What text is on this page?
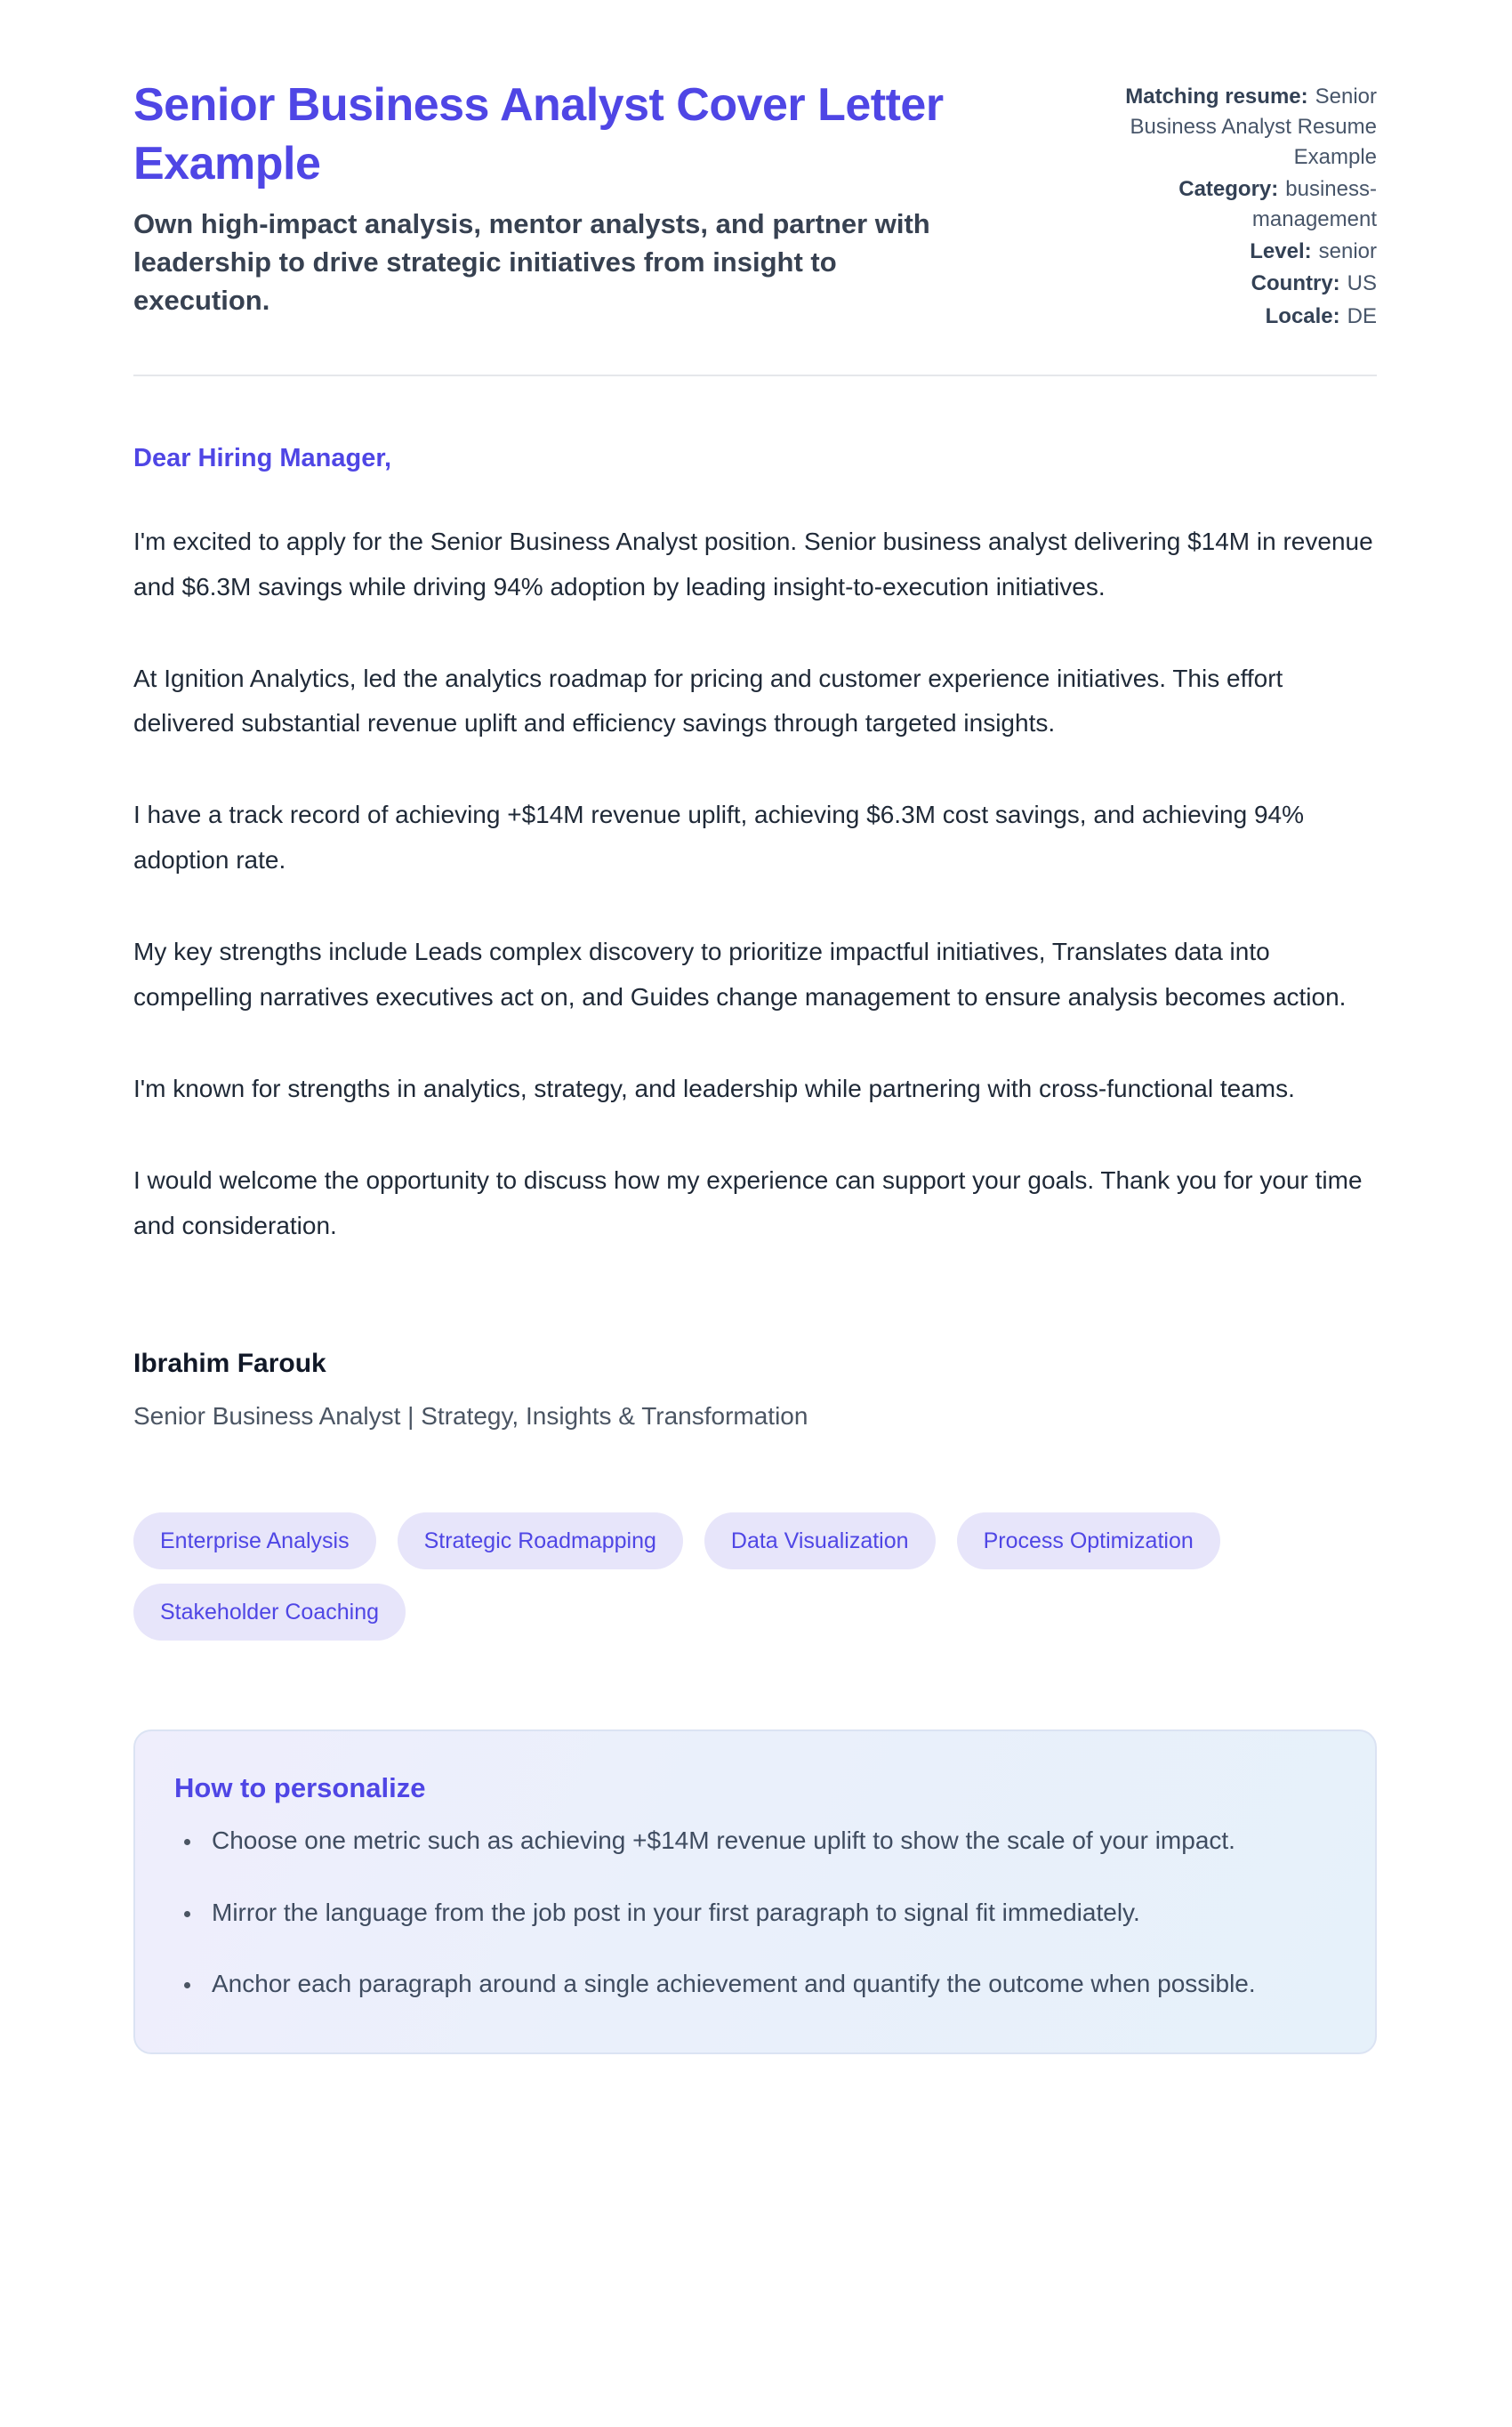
Senior Business Analyst Cover Letter Example

Own high-impact analysis, mentor analysts, and partner with leadership to drive strategic initiatives from insight to execution.

Matching resume: Senior Business Analyst Resume Example
Category: business-management
Level: senior
Country: US
Locale: DE

Dear Hiring Manager,

I'm excited to apply for the Senior Business Analyst position. Senior business analyst delivering $14M in revenue and $6.3M savings while driving 94% adoption by leading insight-to-execution initiatives.

At Ignition Analytics, led the analytics roadmap for pricing and customer experience initiatives. This effort delivered substantial revenue uplift and efficiency savings through targeted insights.

I have a track record of achieving +$14M revenue uplift, achieving $6.3M cost savings, and achieving 94% adoption rate.

My key strengths include Leads complex discovery to prioritize impactful initiatives, Translates data into compelling narratives executives act on, and Guides change management to ensure analysis becomes action.

I'm known for strengths in analytics, strategy, and leadership while partnering with cross-functional teams.

I would welcome the opportunity to discuss how my experience can support your goals. Thank you for your time and consideration.

Ibrahim Farouk

Senior Business Analyst | Strategy, Insights & Transformation

Enterprise Analysis	Strategic Roadmapping	Data Visualization	Process Optimization
Stakeholder Coaching
How to personalize
• Choose one metric such as achieving +$14M revenue uplift to show the scale of your impact.
• Mirror the language from the job post in your first paragraph to signal fit immediately.
• Anchor each paragraph around a single achievement and quantify the outcome when possible.
